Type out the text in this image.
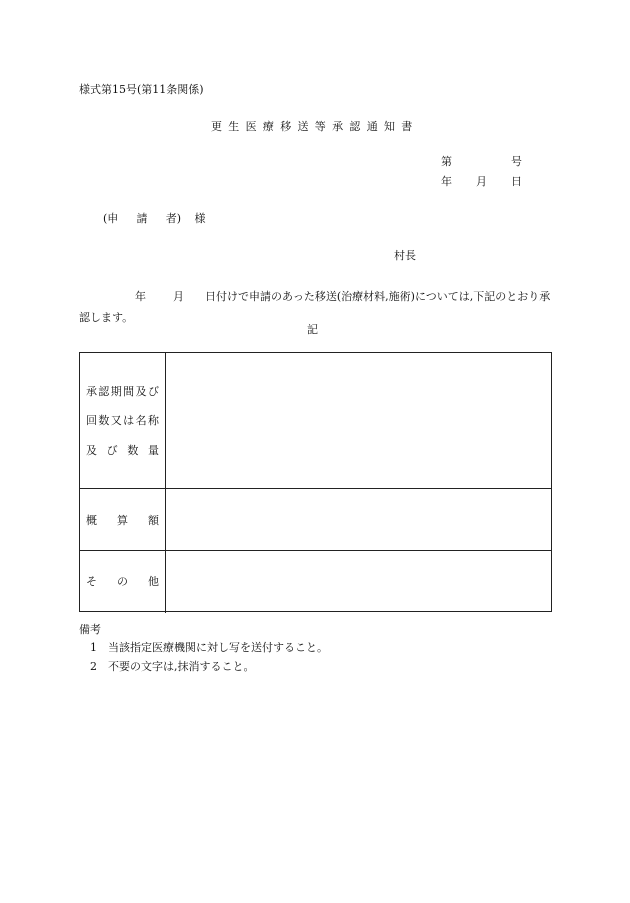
様式第15号(第11条関係)
更生医療移送等承認通知書
第	号
年 月 日
(申 請 者) 様
村長
年 月 日付けで申請のあった移送(治療材料,施術)については,下記のとおり承認します。
記
承 認 期 間 及 び
回 数 又 は 名 称
及 び 数 量
概 算 額
そ の 他
備考
1 当該指定医療機関に対し写を送付すること。
2 不要の文字は,抹消すること。
